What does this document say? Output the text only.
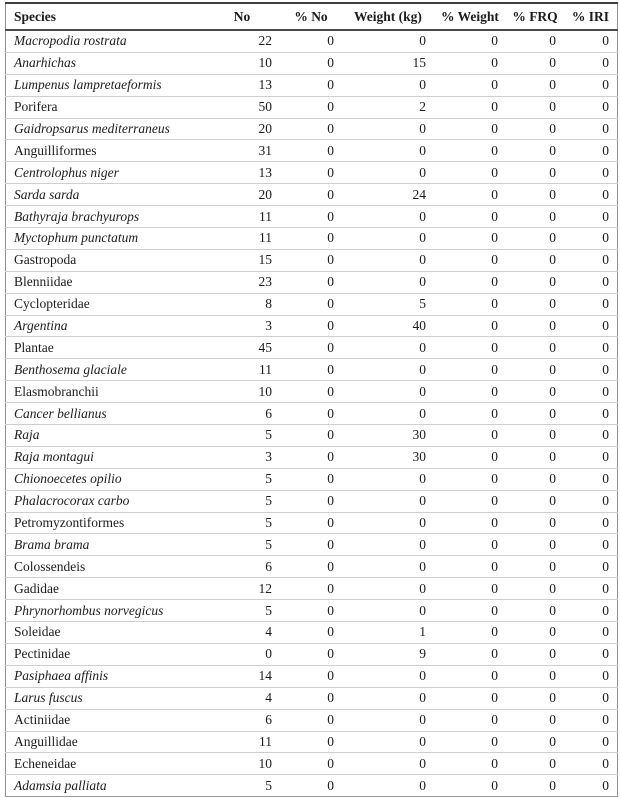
Species	No	% No	Weight (kg)	% Weight	% FRQ	% IRI
Macropodia rostrata	22	0	0	0	0	0
Anarhichas	10	0	15	0	0	0
Lumpenus lampretaeformis	13	0	0	0	0	0
Porifera	50	0	2	0	0	0
Gaidropsarus mediterraneus	20	0	0	0	0	0
Anguilliformes	31	0	0	0	0	0
Centrolophus niger	13	0	0	0	0	0
Sarda sarda	20	0	24	0	0	0
Bathyraja brachyurops	11	0	0	0	0	0
Myctophum punctatum	11	0	0	0	0	0
Gastropoda	15	0	0	0	0	0
Blenniidae	23	0	0	0	0	0
Cyclopteridae	8	0	5	0	0	0
Argentina	3	0	40	0	0	0
Plantae	45	0	0	0	0	0
Benthosema glaciale	11	0	0	0	0	0
Elasmobranchii	10	0	0	0	0	0
Cancer bellianus	6	0	0	0	0	0
Raja	5	0	30	0	0	0
Raja montagui	3	0	30	0	0	0
Chionoecetes opilio	5	0	0	0	0	0
Phalacrocorax carbo	5	0	0	0	0	0
Petromyzontiformes	5	0	0	0	0	0
Brama brama	5	0	0	0	0	0
Colossendeis	6	0	0	0	0	0
Gadidae	12	0	0	0	0	0
Phrynorhombus norvegicus	5	0	0	0	0	0
Soleidae	4	0	1	0	0	0
Pectinidae	0	0	9	0	0	0
Pasiphaea affinis	14	0	0	0	0	0
Larus fuscus	4	0	0	0	0	0
Actiniidae	6	0	0	0	0	0
Anguillidae	11	0	0	0	0	0
Echeneidae	10	0	0	0	0	0
Adamsia palliata	5	0	0	0	0	0
